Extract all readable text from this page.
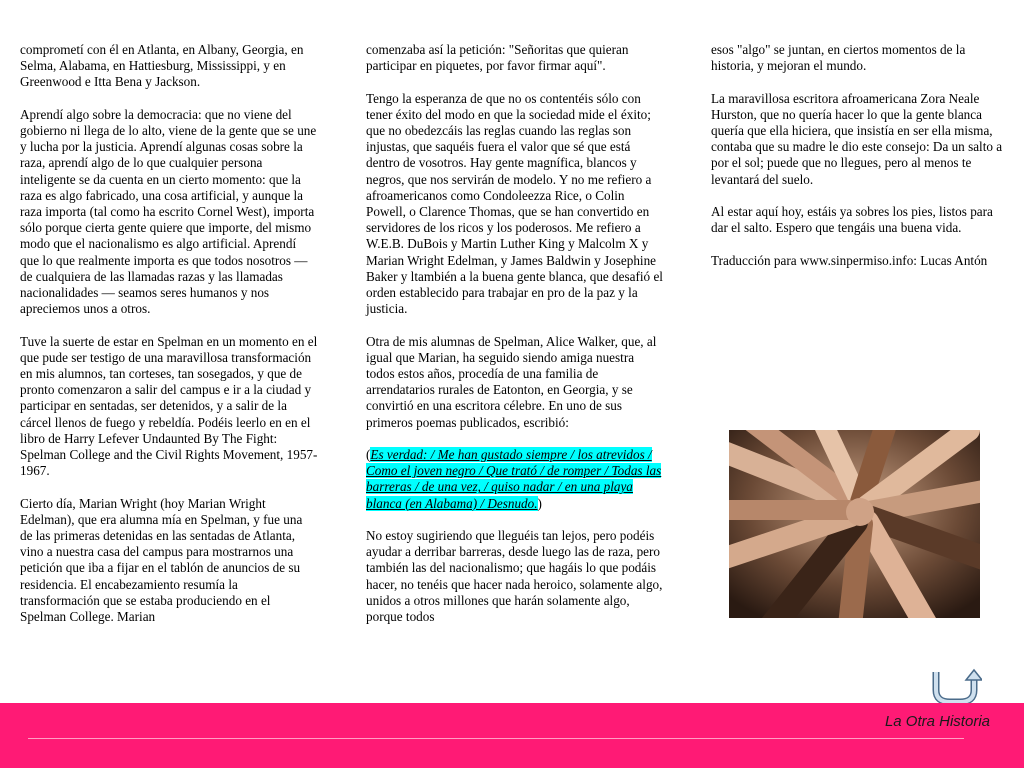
comprometí con él en Atlanta, en Albany, Georgia, en Selma, Alabama, en Hattiesburg, Mississippi, y en Greenwood e Itta Bena y Jackson.

Aprendí algo sobre la democracia: que no viene del gobierno ni llega de lo alto, viene de la gente que se une y lucha por la justicia. Aprendí algunas cosas sobre la raza, aprendí algo de lo que cualquier persona inteligente se da cuenta en un cierto momento: que la raza es algo fabricado, una cosa artificial, y aunque la raza importa (tal como ha escrito Cornel West), importa sólo porque cierta gente quiere que importe, del mismo modo que el nacionalismo es algo artificial. Aprendí que lo que realmente importa es que todos nosotros — de cualquiera de las llamadas razas y las llamadas nacionalidades — seamos seres humanos y nos apreciemos unos a otros.

Tuve la suerte de estar en Spelman en un momento en el que pude ser testigo de una maravillosa transformación en mis alumnos, tan corteses, tan sosegados, y que de pronto comenzaron a salir del campus e ir a la ciudad y participar en sentadas, ser detenidos, y a salir de la cárcel llenos de fuego y rebeldía. Podéis leerlo en en el libro de Harry Lefever Undaunted By The Fight: Spelman College and the Civil Rights Movement, 1957-1967.

Cierto día, Marian Wright (hoy Marian Wright Edelman), que era alumna mía en Spelman, y fue una de las primeras detenidas en las sentadas de Atlanta, vino a nuestra casa del campus para mostrarnos una petición que iba a fijar en el tablón de anuncios de su residencia. El encabezamiento resumía la transformación que se estaba produciendo en el Spelman College. Marian

comenzaba así la petición: "Señoritas que quieran participar en piquetes, por favor firmar aquí".

Tengo la esperanza de que no os contentéis sólo con tener éxito del modo en que la sociedad mide el éxito; que no obedezcáis las reglas cuando las reglas son injustas, que saquéis fuera el valor que sé que está dentro de vosotros. Hay gente magnífica, blancos y negros, que nos servirán de modelo. Y no me refiero a afroamericanos como Condoleezza Rice, o Colin Powell, o Clarence Thomas, que se han convertido en servidores de los ricos y los poderosos. Me refiero a W.E.B. DuBois y Martin Luther King y Malcolm X y Marian Wright Edelman, y James Baldwin y Josephine Baker y ltambién a la buena gente blanca, que desafió el orden establecido para trabajar en pro de la paz y la justicia.

Otra de mis alumnas de Spelman, Alice Walker, que, al igual que Marian, ha seguido siendo amiga nuestra todos estos años, procedía de una familia de arrendatarios rurales de Eatonton, en Georgia, y se convirtió en una escritora célebre. En uno de sus primeros poemas publicados, escribió:

(Es verdad: / Me han gustado siempre / los atrevidos / Como el joven negro / Que trató / de romper / Todas las barreras / de una vez, / quiso nadar / en una playa blanca (en Alabama) / Desnudo.)

No estoy sugiriendo que lleguéis tan lejos, pero podéis ayudar a derribar barreras, desde luego las de raza, pero también las del nacionalismo; que hagáis lo que podáis hacer, no tenéis que hacer nada heroico, solamente algo, unidos a otros millones que harán solamente algo, porque todos

esos "algo" se juntan, en ciertos momentos de la historia, y mejoran el mundo.

La maravillosa escritora afroamericana Zora Neale Hurston, que no quería hacer lo que la gente blanca quería que ella hiciera, que insistía en ser ella misma, contaba que su madre le dio este consejo: Da un salto a por el sol; puede que no llegues, pero al menos te levantará del suelo.

Al estar aquí hoy, estáis ya sobres los pies, listos para dar el salto. Espero que tengáis una buena vida.

Traducción para www.sinpermiso.info: Lucas Antón

La Otra Historia
